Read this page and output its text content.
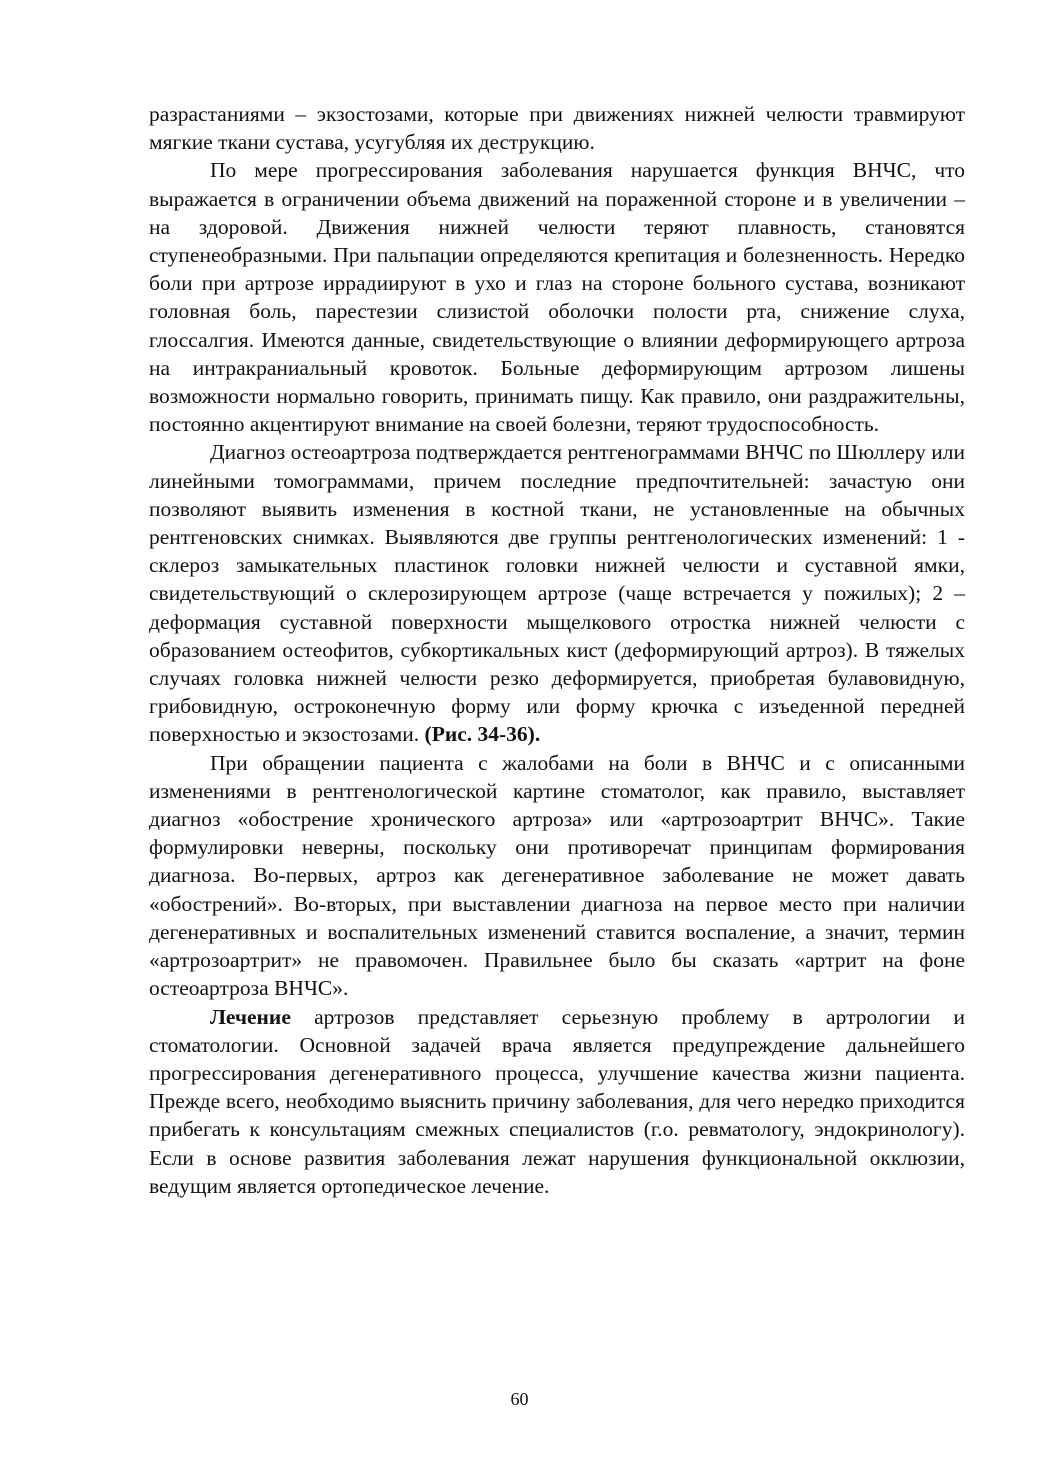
разрастаниями – экзостозами, которые при движениях нижней челюсти травмируют мягкие ткани сустава, усугубляя их деструкцию.

По мере прогрессирования заболевания нарушается функция ВНЧС, что выражается в ограничении объема движений на пораженной стороне и в увеличении – на здоровой. Движения нижней челюсти теряют плавность, становятся ступенеобразными. При пальпации определяются крепитация и болезненность. Нередко боли при артрозе иррадиируют в ухо и глаз на стороне больного сустава, возникают головная боль, парестезии слизистой оболочки полости рта, снижение слуха, глоссалгия. Имеются данные, свидетельствующие о влиянии деформирующего артроза на интракраниальный кровоток. Больные деформирующим артрозом лишены возможности нормально говорить, принимать пищу. Как правило, они раздражительны, постоянно акцентируют внимание на своей болезни, теряют трудоспособность.

Диагноз остеоартроза подтверждается рентгенограммами ВНЧС по Шюллеру или линейными томограммами, причем последние предпочтительней: зачастую они позволяют выявить изменения в костной ткани, не установленные на обычных рентгеновских снимках. Выявляются две группы рентгенологических изменений: 1 - склероз замыкательных пластинок головки нижней челюсти и суставной ямки, свидетельствующий о склерозирующем артрозе (чаще встречается у пожилых); 2 – деформация суставной поверхности мыщелкового отростка нижней челюсти с образованием остеофитов, субкортикальных кист (деформирующий артроз). В тяжелых случаях головка нижней челюсти резко деформируется, приобретая булавовидную, грибовидную, остроконечную форму или форму крючка с изъеденной передней поверхностью и экзостозами. (Рис. 34-36).

При обращении пациента с жалобами на боли в ВНЧС и с описанными изменениями в рентгенологической картине стоматолог, как правило, выставляет диагноз «обострение хронического артроза» или «артрозоартрит ВНЧС». Такие формулировки неверны, поскольку они противоречат принципам формирования диагноза. Во-первых, артроз как дегенеративное заболевание не может давать «обострений». Во-вторых, при выставлении диагноза на первое место при наличии дегенеративных и воспалительных изменений ставится воспаление, а значит, термин «артрозоартрит» не правомочен. Правильнее было бы сказать «артрит на фоне остеоартроза ВНЧС».

Лечение артрозов представляет серьезную проблему в артрологии и стоматологии. Основной задачей врача является предупреждение дальнейшего прогрессирования дегенеративного процесса, улучшение качества жизни пациента. Прежде всего, необходимо выяснить причину заболевания, для чего нередко приходится прибегать к консультациям смежных специалистов (г.о. ревматологу, эндокринологу). Если в основе развития заболевания лежат нарушения функциональной окклюзии, ведущим является ортопедическое лечение.

60
